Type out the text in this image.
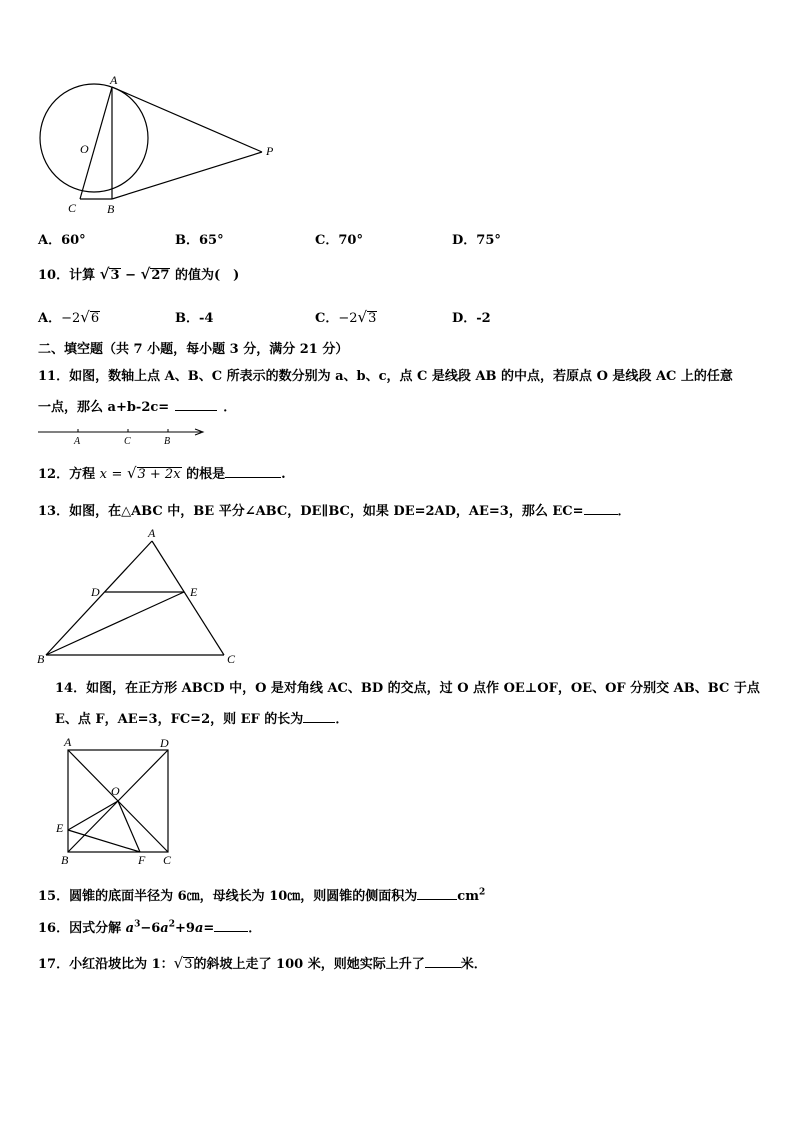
A
O	P
C	B
A．60°	B．65°	C．70°	D．75°
10．计算 √3 − √27 的值为(　)
A．−2√6	B．-4	C．−2√3	D．-2
二、填空题（共 7 小题，每小题 3 分，满分 21 分）
11．如图，数轴上点 A、B、C 所表示的数分别为 a、b、c，点 C 是线段 AB 的中点，若原点 O 是线段 AC 上的任意
一点，那么 a+b-2c=	．
A	C	B
12．方程 x = √3 + 2x 的根是	.
13．如图，在△ABC 中，BE 平分∠ABC，DE∥BC，如果 DE=2AD，AE=3，那么 EC=	．
A
D	E
B	C
14．如图，在正方形 ABCD 中，O 是对角线 AC、BD 的交点，过 O 点作 OE⊥OF，OE、OF 分别交 AB、BC 于点
E、点 F，AE=3，FC=2，则 EF 的长为 ．
A	D
O
E
B	F C
15．圆锥的底面半径为 6㎝，母线长为 10㎝，则圆锥的侧面积为	$cm^2$
16．因式分解 $a^3-6a^2+9a=$	．
17．小红沿坡比为 1：√3的斜坡上走了 100 米，则她实际上升了	米．
